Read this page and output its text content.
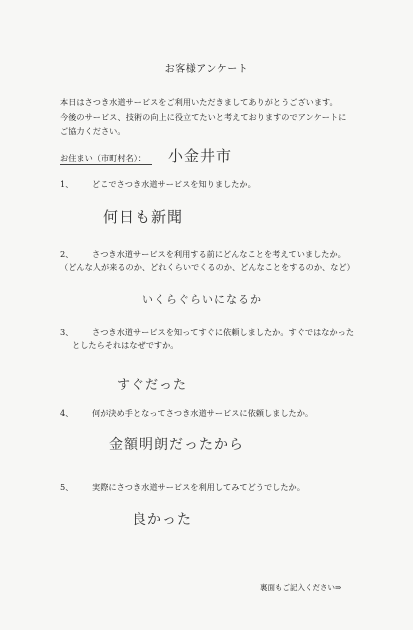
お客様アンケート
本日はさつき水道サービスをご利用いただきましてありがとうございます。
今後のサービス、技術の向上に役立てたいと考えておりますのでアンケートに
ご協力ください。
お住まい（市町村名）： 小金井市
1、 どこでさつき水道サービスを知りましたか。
何日も新聞
2、 さつき水道サービスを利用する前にどんなことを考えていましたか。
（どんな人が来るのか、どれくらいでくるのか、どんなことをするのか、など）
いくらぐらいになるか
3、 さつき水道サービスを知ってすぐに依頼しましたか。すぐではなかった
としたらそれはなぜですか。
すぐだった
4、 何が決め手となってさつき水道サービスに依頼しましたか。
金額明朗だったから
5、 実際にさつき水道サービスを利用してみてどうでしたか。
良かった
裏面もご記入ください⇒
